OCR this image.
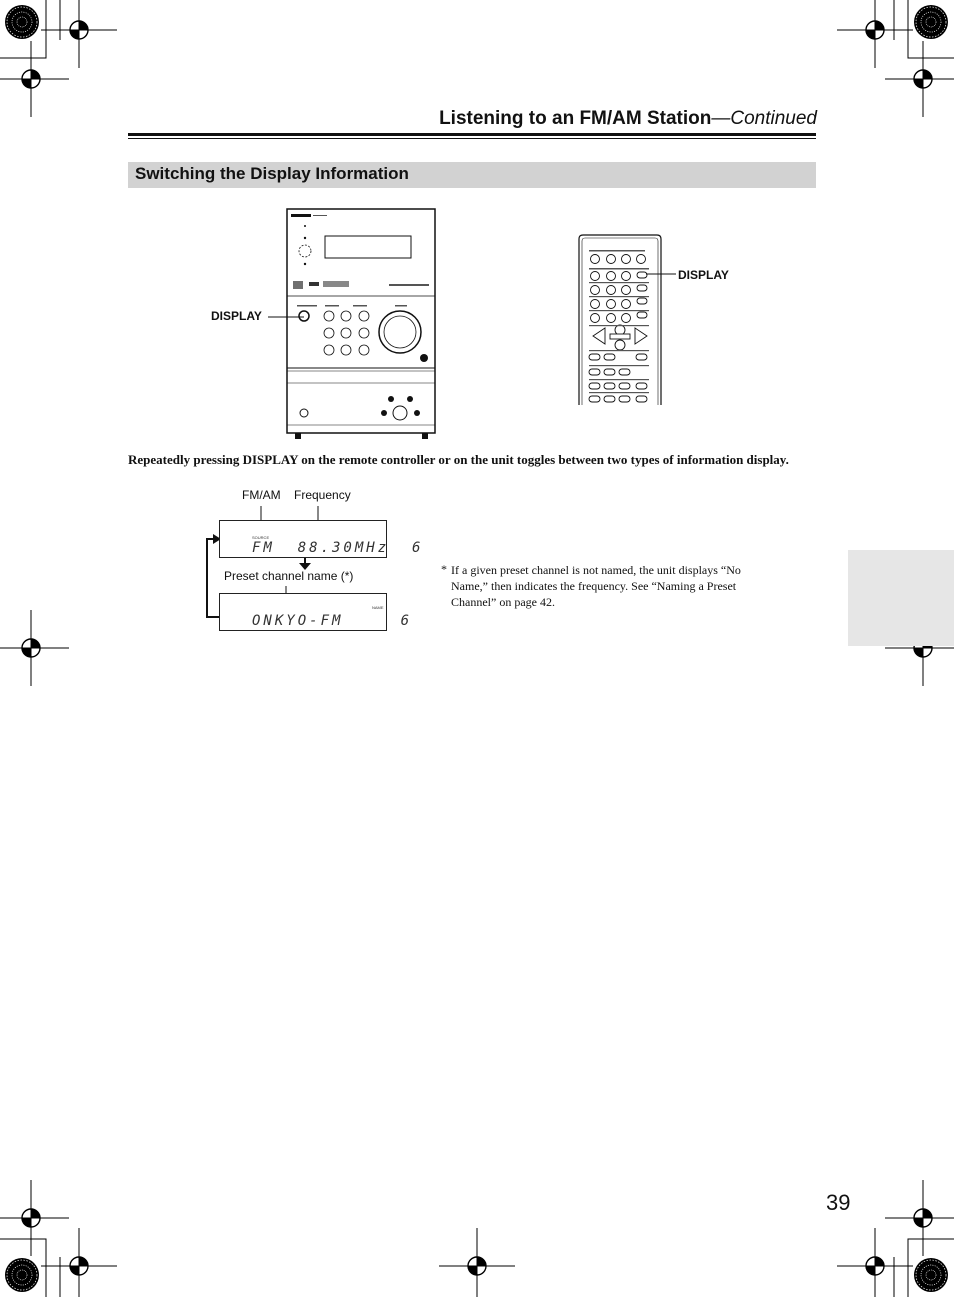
Listening to an FM/AM Station—Continued
Switching the Display Information
DISPLAY
DISPLAY
Repeatedly pressing DISPLAY on the remote controller or on the unit toggles between two types of information display.
FM/AM Frequency
SOURCE
FM  88.30MHz  6
Preset channel name (*)
NAME
ONKYO-FM     6
* If a given preset channel is not named, the unit displays “No Name,” then indicates the frequency. See “Naming a Preset Channel” on page 42.
39
